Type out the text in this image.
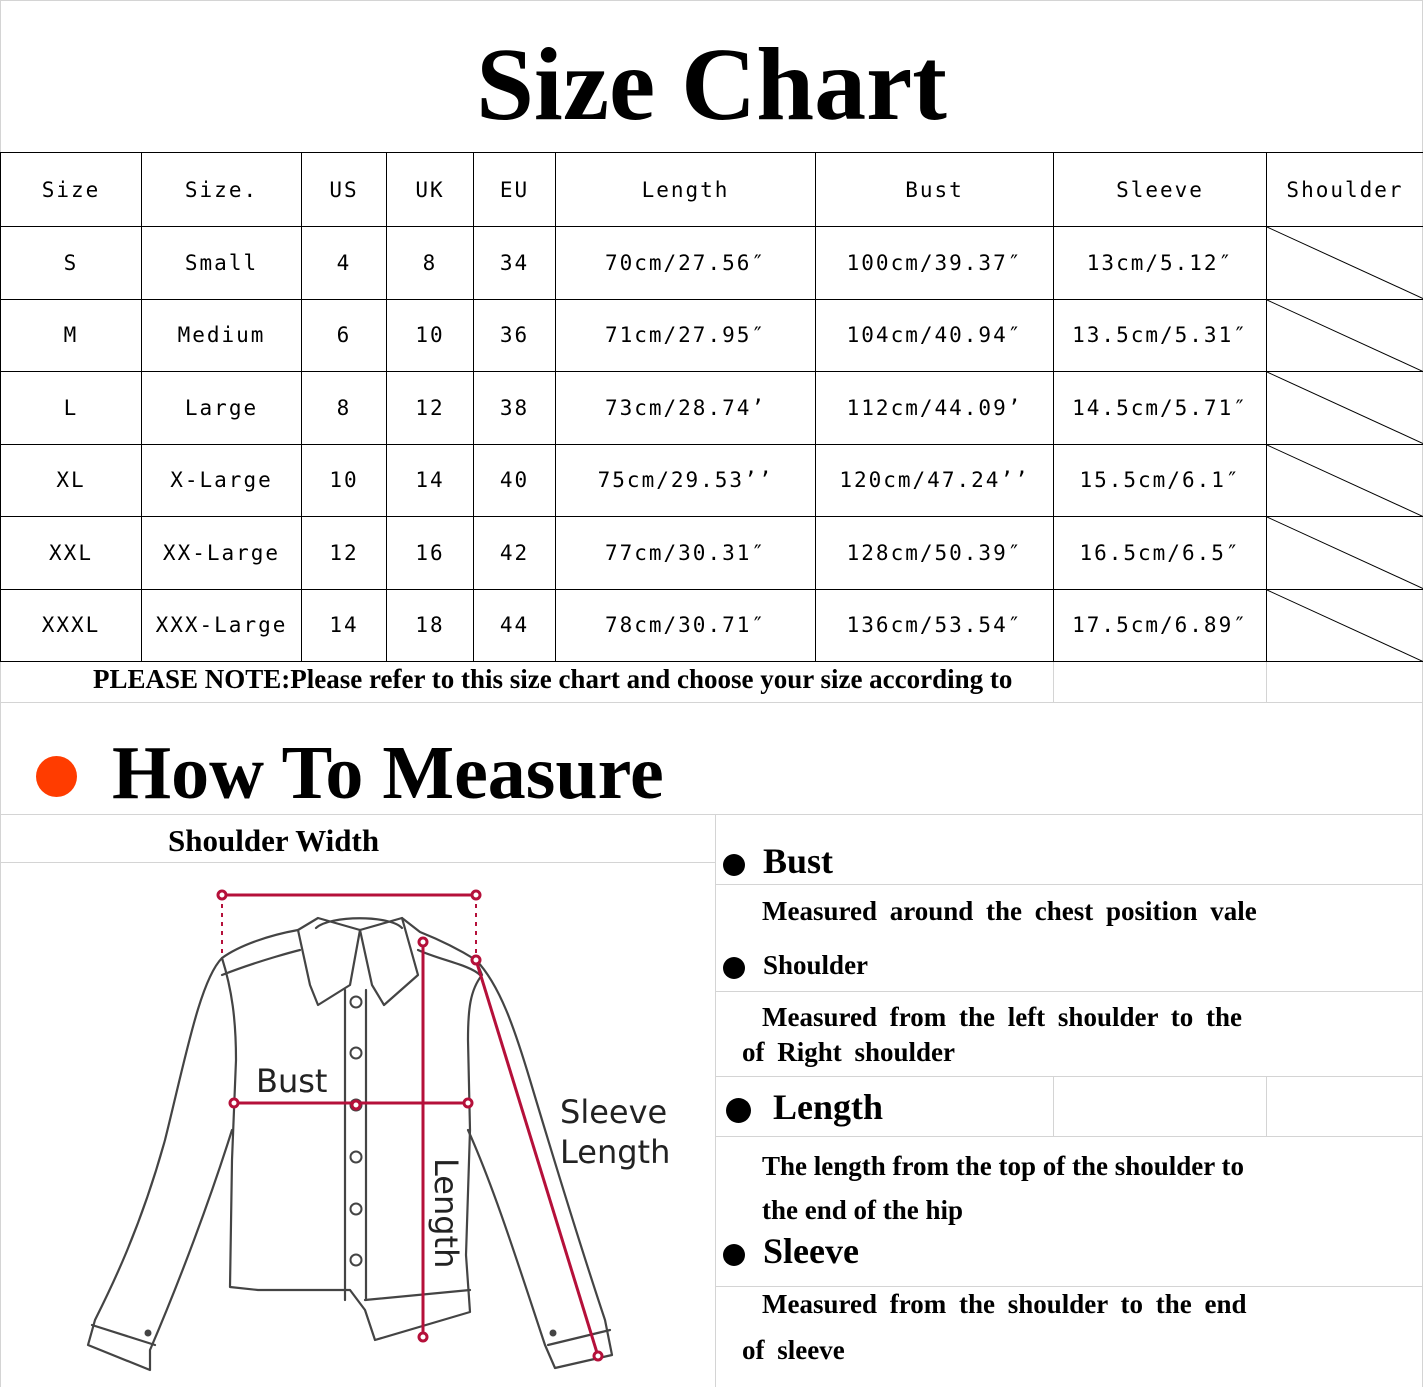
Size Chart
Size	Size.	US	UK	EU	Length	Bust	Sleeve	Shoulder
S	Small	4	8	34	70cm/27.56″	100cm/39.37″	13cm/5.12″	

M	Medium	6	10	36	71cm/27.95″	104cm/40.94″	13.5cm/5.31″	

L	Large	8	12	38	73cm/28.74’	112cm/44.09’	14.5cm/5.71″	

XL	X-Large	10	14	40	75cm/29.53’’	120cm/47.24’’	15.5cm/6.1″	

XXL	XX-Large	12	16	42	77cm/30.31″	128cm/50.39″	16.5cm/6.5″	

XXXL	XXX-Large	14	18	44	78cm/30.71″	136cm/53.54″	17.5cm/6.89″	
PLEASE NOTE:Please refer to this size chart and choose your size according to
How To Measure
Shoulder Width
Bust
Sleeve
Length
Length
Bust
Measured around the chest position vale
Shoulder
Measured from the left shoulder to the
of Right shoulder
Length
The length from the top of the shoulder to
the end of the hip
Sleeve
Measured from the shoulder to the end
of sleeve
